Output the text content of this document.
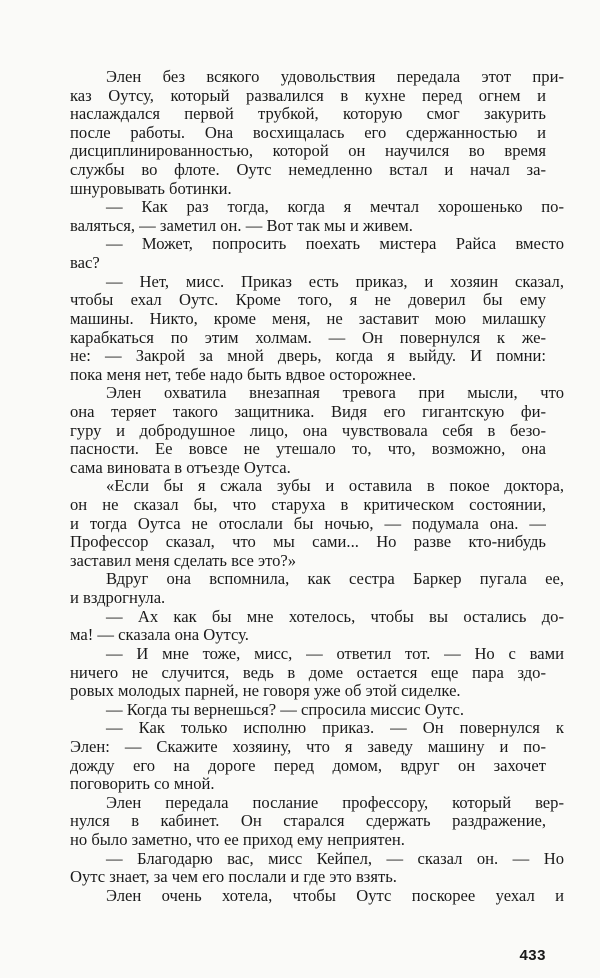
Элен без всякого удовольствия передала этот при-
каз Оутсу, который развалился в кухне перед огнем и
наслаждался первой трубкой, которую смог закурить
после работы. Она восхищалась его сдержанностью и
дисциплинированностью, которой он научился во время
службы во флоте. Оутс немедленно встал и начал за-
шнуровывать ботинки.
— Как раз тогда, когда я мечтал хорошенько по-
валяться, — заметил он. — Вот так мы и живем.
— Может, попросить поехать мистера Райса вместо
вас?
— Нет, мисс. Приказ есть приказ, и хозяин сказал,
чтобы ехал Оутс. Кроме того, я не доверил бы ему
машины. Никто, кроме меня, не заставит мою милашку
карабкаться по этим холмам. — Он повернулся к же-
не: — Закрой за мной дверь, когда я выйду. И помни:
пока меня нет, тебе надо быть вдвое осторожнее.
Элен охватила внезапная тревога при мысли, что
она теряет такого защитника. Видя его гигантскую фи-
гуру и добродушное лицо, она чувствовала себя в безо-
пасности. Ее вовсе не утешало то, что, возможно, она
сама виновата в отъезде Оутса.
«Если бы я сжала зубы и оставила в покое доктора,
он не сказал бы, что старуха в критическом состоянии,
и тогда Оутса не отослали бы ночью, — подумала она. —
Профессор сказал, что мы сами... Но разве кто-нибудь
заставил меня сделать все это?»
Вдруг она вспомнила, как сестра Баркер пугала ее,
и вздрогнула.
— Ах как бы мне хотелось, чтобы вы остались до-
ма! — сказала она Оутсу.
— И мне тоже, мисс, — ответил тот. — Но с вами
ничего не случится, ведь в доме остается еще пара здо-
ровых молодых парней, не говоря уже об этой сиделке.
— Когда ты вернешься? — спросила миссис Оутс.
— Как только исполню приказ. — Он повернулся к
Элен: — Скажите хозяину, что я заведу машину и по-
дожду его на дороге перед домом, вдруг он захочет
поговорить со мной.
Элен передала послание профессору, который вер-
нулся в кабинет. Он старался сдержать раздражение,
но было заметно, что ее приход ему неприятен.
— Благодарю вас, мисс Кейпел, — сказал он. — Но
Оутс знает, за чем его послали и где это взять.
Элен очень хотела, чтобы Оутс поскорее уехал и
433
